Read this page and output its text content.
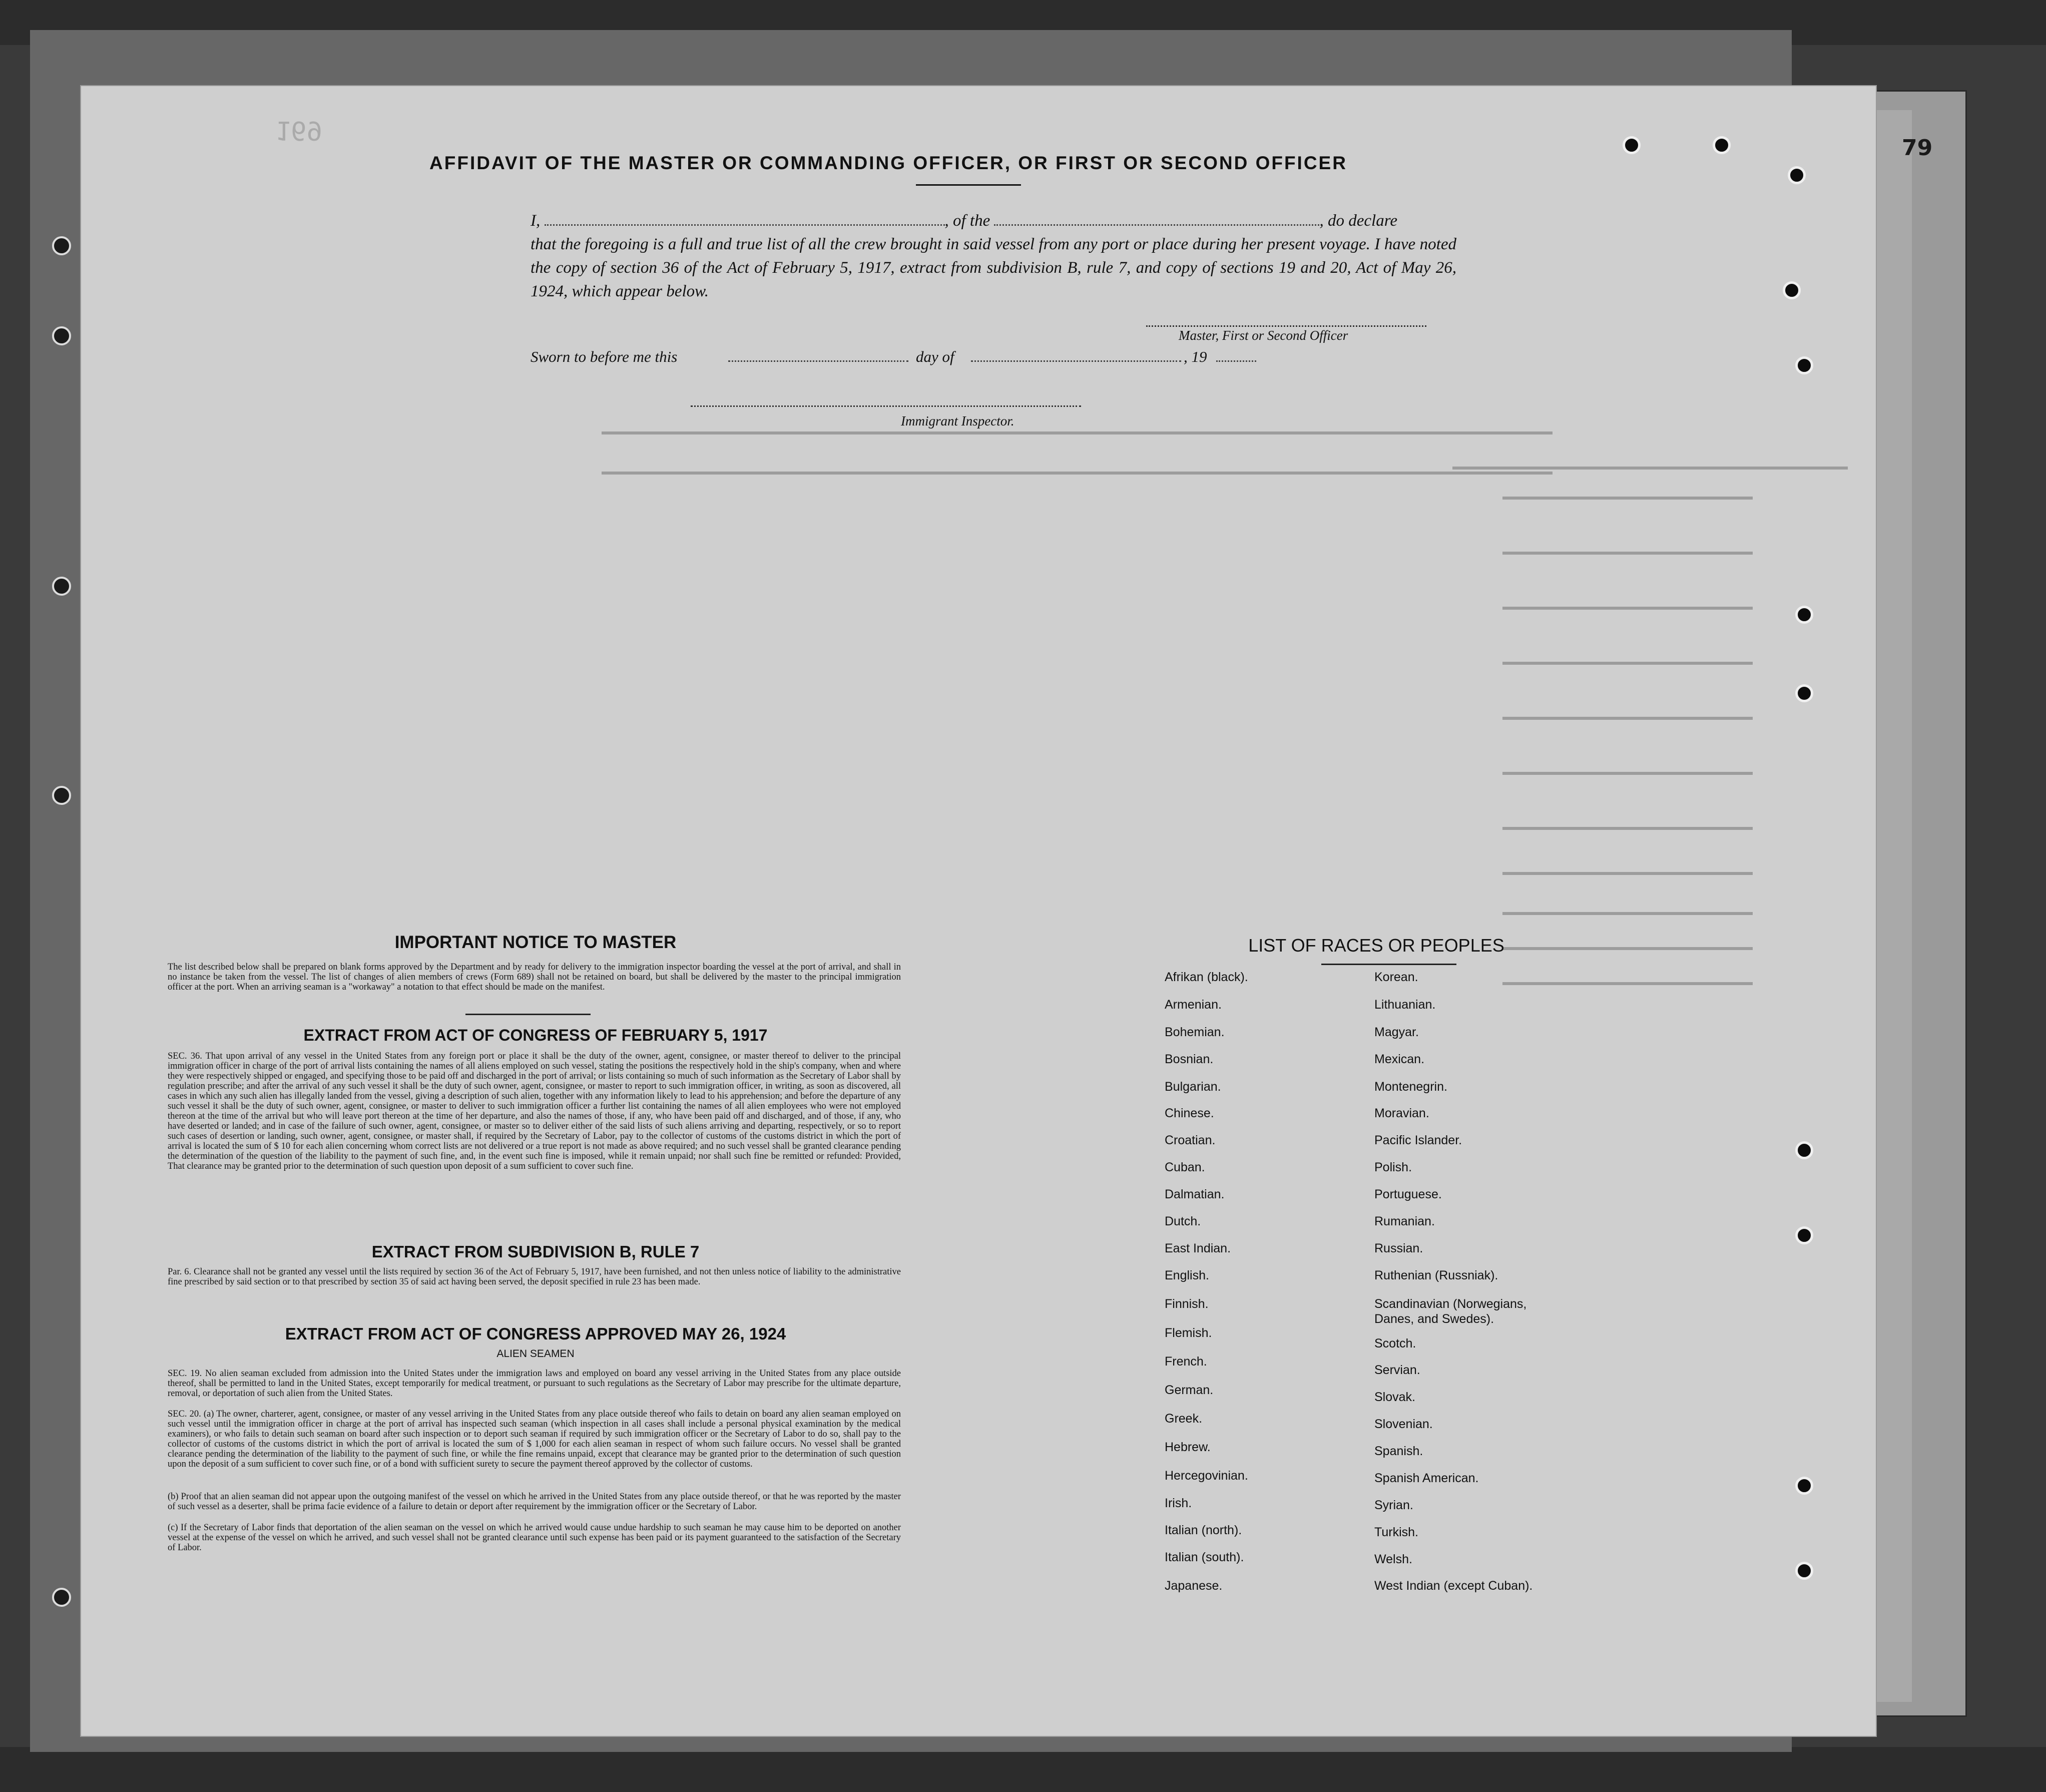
79
169
AFFIDAVIT OF THE MASTER OR COMMANDING OFFICER, OR FIRST OR SECOND OFFICER
I,	, of the	, do declare
that the foregoing is a full and true list of all the crew brought in said vessel from any port or place during her present voyage. I have noted the copy of section 36 of the Act of February 5, 1917, extract from subdivision B, rule 7, and copy of sections 19 and 20, Act of May 26, 1924, which appear below.
Master, First or Second Officer
Sworn to before me this	day of	, 19
Immigrant Inspector.
IMPORTANT NOTICE TO MASTER
The list described below shall be prepared on blank forms approved by the Department and by ready for delivery to the immigration inspector boarding the vessel at the port of arrival, and shall in no instance be taken from the vessel. The list of changes of alien members of crews (Form 689) shall not be retained on board, but shall be delivered by the master to the principal immigration officer at the port. When an arriving seaman is a "workaway" a notation to that effect should be made on the manifest.
EXTRACT FROM ACT OF CONGRESS OF FEBRUARY 5, 1917
SEC. 36. That upon arrival of any vessel in the United States from any foreign port or place it shall be the duty of the owner, agent, consignee, or master thereof to deliver to the principal immigration officer in charge of the port of arrival lists containing the names of all aliens employed on such vessel, stating the positions the respectively hold in the ship's company, when and where they were respectively shipped or engaged, and specifying those to be paid off and discharged in the port of arrival; or lists containing so much of such information as the Secretary of Labor shall by regulation prescribe; and after the arrival of any such vessel it shall be the duty of such owner, agent, consignee, or master to report to such immigration officer, in writing, as soon as discovered, all cases in which any such alien has illegally landed from the vessel, giving a description of such alien, together with any information likely to lead to his apprehension; and before the departure of any such vessel it shall be the duty of such owner, agent, consignee, or master to deliver to such immigration officer a further list containing the names of all alien employees who were not employed thereon at the time of the arrival but who will leave port thereon at the time of her departure, and also the names of those, if any, who have been paid off and discharged, and of those, if any, who have deserted or landed; and in case of the failure of such owner, agent, consignee, or master so to deliver either of the said lists of such aliens arriving and departing, respectively, or so to report such cases of desertion or landing, such owner, agent, consignee, or master shall, if required by the Secretary of Labor, pay to the collector of customs of the customs district in which the port of arrival is located the sum of $ 10 for each alien concerning whom correct lists are not delivered or a true report is not made as above required; and no such vessel shall be granted clearance pending the determination of the question of the liability to the payment of such fine, and, in the event such fine is imposed, while it remain unpaid; nor shall such fine be remitted or refunded: Provided, That clearance may be granted prior to the determination of such question upon deposit of a sum sufficient to cover such fine.
EXTRACT FROM SUBDIVISION B, RULE 7
Par. 6. Clearance shall not be granted any vessel until the lists required by section 36 of the Act of February 5, 1917, have been furnished, and not then unless notice of liability to the administrative fine prescribed by said section or to that prescribed by section 35 of said act having been served, the deposit specified in rule 23 has been made.
EXTRACT FROM ACT OF CONGRESS APPROVED MAY 26, 1924
ALIEN SEAMEN
SEC. 19. No alien seaman excluded from admission into the United States under the immigration laws and employed on board any vessel arriving in the United States from any place outside thereof, shall be permitted to land in the United States, except temporarily for medical treatment, or pursuant to such regulations as the Secretary of Labor may prescribe for the ultimate departure, removal, or deportation of such alien from the United States.
SEC. 20. (a) The owner, charterer, agent, consignee, or master of any vessel arriving in the United States from any place outside thereof who fails to detain on board any alien seaman employed on such vessel until the immigration officer in charge at the port of arrival has inspected such seaman (which inspection in all cases shall include a personal physical examination by the medical examiners), or who fails to detain such seaman on board after such inspection or to deport such seaman if required by such immigration officer or the Secretary of Labor to do so, shall pay to the collector of customs of the customs district in which the port of arrival is located the sum of $ 1,000 for each alien seaman in respect of whom such failure occurs. No vessel shall be granted clearance pending the determination of the liability to the payment of such fine, or while the fine remains unpaid, except that clearance may be granted prior to the determination of such question upon the deposit of a sum sufficient to cover such fine, or of a bond with sufficient surety to secure the payment thereof approved by the collector of customs.
(b) Proof that an alien seaman did not appear upon the outgoing manifest of the vessel on which he arrived in the United States from any place outside thereof, or that he was reported by the master of such vessel as a deserter, shall be prima facie evidence of a failure to detain or deport after requirement by the immigration officer or the Secretary of Labor.
(c) If the Secretary of Labor finds that deportation of the alien seaman on the vessel on which he arrived would cause undue hardship to such seaman he may cause him to be deported on another vessel at the expense of the vessel on which he arrived, and such vessel shall not be granted clearance until such expense has been paid or its payment guaranteed to the satisfaction of the Secretary of Labor.
LIST OF RACES OR PEOPLES
Afrikan (black).
Armenian.
Bohemian.
Bosnian.
Bulgarian.
Chinese.
Croatian.
Cuban.
Dalmatian.
Dutch.
East Indian.
English.
Finnish.
Flemish.
French.
German.
Greek.
Hebrew.
Hercegovinian.
Irish.
Italian (north).
Italian (south).
Japanese.
Korean.
Lithuanian.
Magyar.
Mexican.
Montenegrin.
Moravian.
Pacific Islander.
Polish.
Portuguese.
Rumanian.
Russian.
Ruthenian (Russniak).
Scandinavian (Norwegians,
Danes, and Swedes).
Scotch.
Servian.
Slovak.
Slovenian.
Spanish.
Spanish American.
Syrian.
Turkish.
Welsh.
West Indian (except Cuban).
